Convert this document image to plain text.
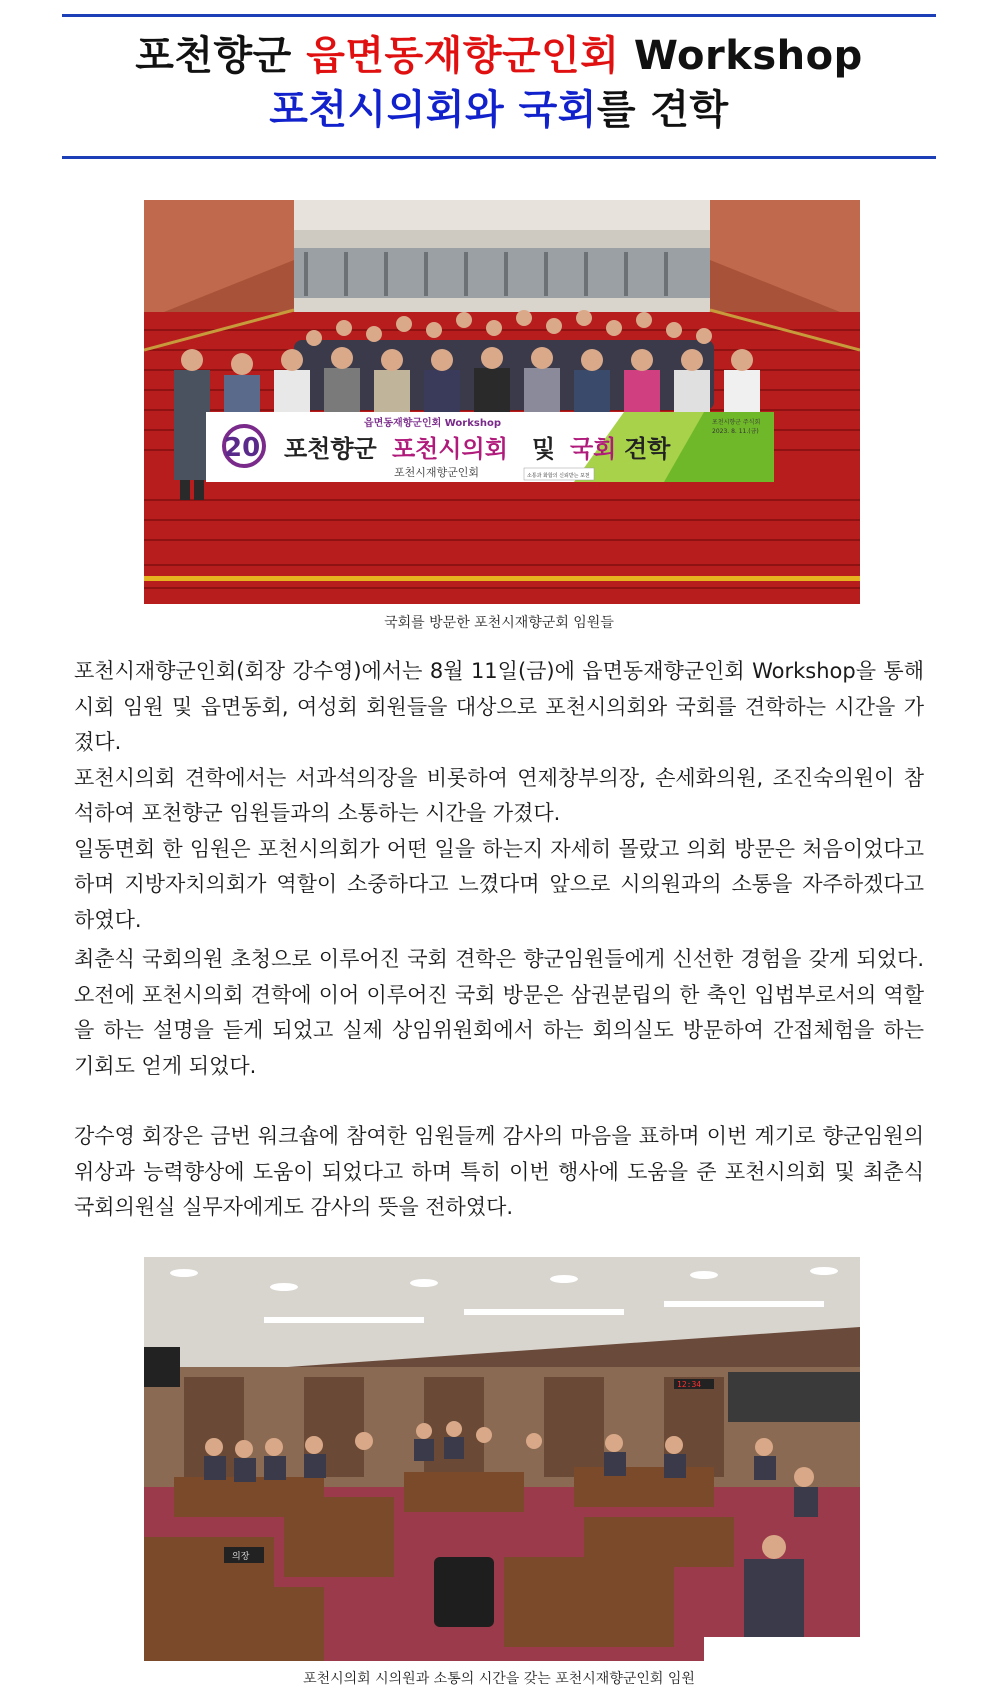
포천향군 읍면동재향군인회 Workshop
포천시의회와 국회를 견학
20
읍면동재향군인회 Workshop
포천향군 포천시의회 및 국회 견학
포천시재향군인회
포천시향군 주식회
2023. 8. 11.(금)
소통과 화합의 신뢰받는 포천
국회를 방문한 포천시재향군회 임원들

포천시재향군인회(회장 강수영)에서는 8월 11일(금)에 읍면동재향군인회 Workshop을 통해 시회 임원 및 읍면동회, 여성회 회원들을 대상으로 포천시의회와 국회를 견학하는 시간을 가졌다.

포천시의회 견학에서는 서과석의장을 비롯하여 연제창부의장, 손세화의원, 조진숙의원이 참석하여 포천향군 임원들과의 소통하는 시간을 가졌다.

일동면회 한 임원은 포천시의회가 어떤 일을 하는지 자세히 몰랐고 의회 방문은 처음이었다고 하며 지방자치의회가 역할이 소중하다고 느꼈다며 앞으로 시의원과의 소통을 자주하겠다고 하였다.

최춘식 국회의원 초청으로 이루어진 국회 견학은 향군임원들에게 신선한 경험을 갖게 되었다. 오전에 포천시의회 견학에 이어 이루어진 국회 방문은 삼권분립의 한 축인 입법부로서의 역할을 하는 설명을 듣게 되었고 실제 상임위원회에서 하는 회의실도 방문하여 간접체험을 하는 기회도 얻게 되었다.

강수영 회장은 금번 워크숍에 참여한 임원들께 감사의 마음을 표하며 이번 계기로 향군임원의 위상과 능력향상에 도움이 되었다고 하며 특히 이번 행사에 도움을 준 포천시의회 및 최춘식 국회의원실 실무자에게도 감사의 뜻을 전하였다.

12:34
의장
포천시의회 시의원과 소통의 시간을 갖는 포천시재향군인회 임원
